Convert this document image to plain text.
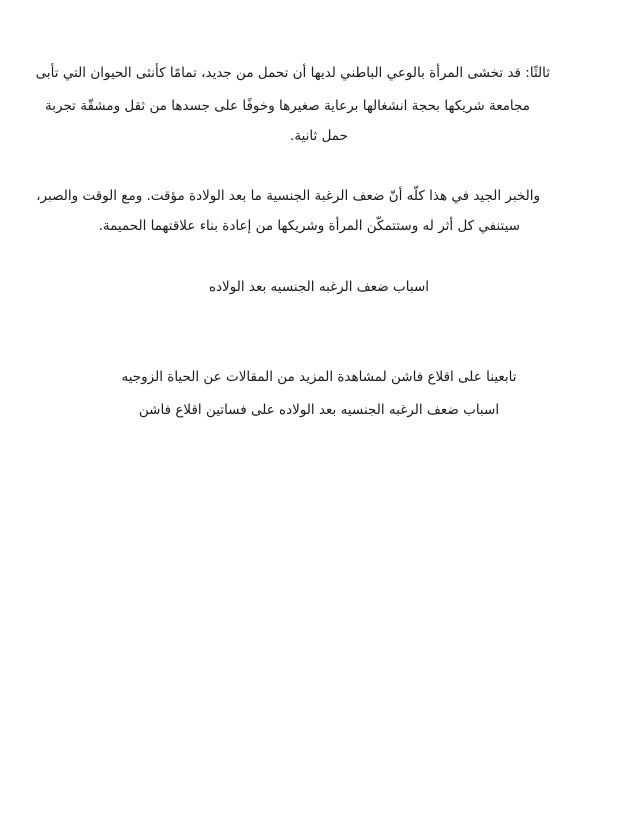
ثالثًا: قد تخشى المرأة بالوعي الباطني لديها أن تحمل من جديد، تمامًا كأنثى الحيوان التي تأبى
مجامعة شريكها بحجة انشغالها برعاية صغيرها وخوفًا على جسدها من ثقل ومشقّة تجربة
حمل ثانية.
والخبر الجيد في هذا كلّه أنّ ضعف الرغبة الجنسية ما بعد الولادة مؤقت. ومع الوقت والصبر،
سيتنفي كل أثر له وستتمكّن المرأة وشريكها من إعادة بناء علاقتهما الحميمة.
اسباب ضعف الرغبه الجنسيه بعد الولاده
تابعينا على اقلاع فاشن لمشاهدة المزيد من المقالات عن الحياة الزوجيه
اسباب ضعف الرغبه الجنسيه بعد الولاده على فساتين اقلاع فاشن
